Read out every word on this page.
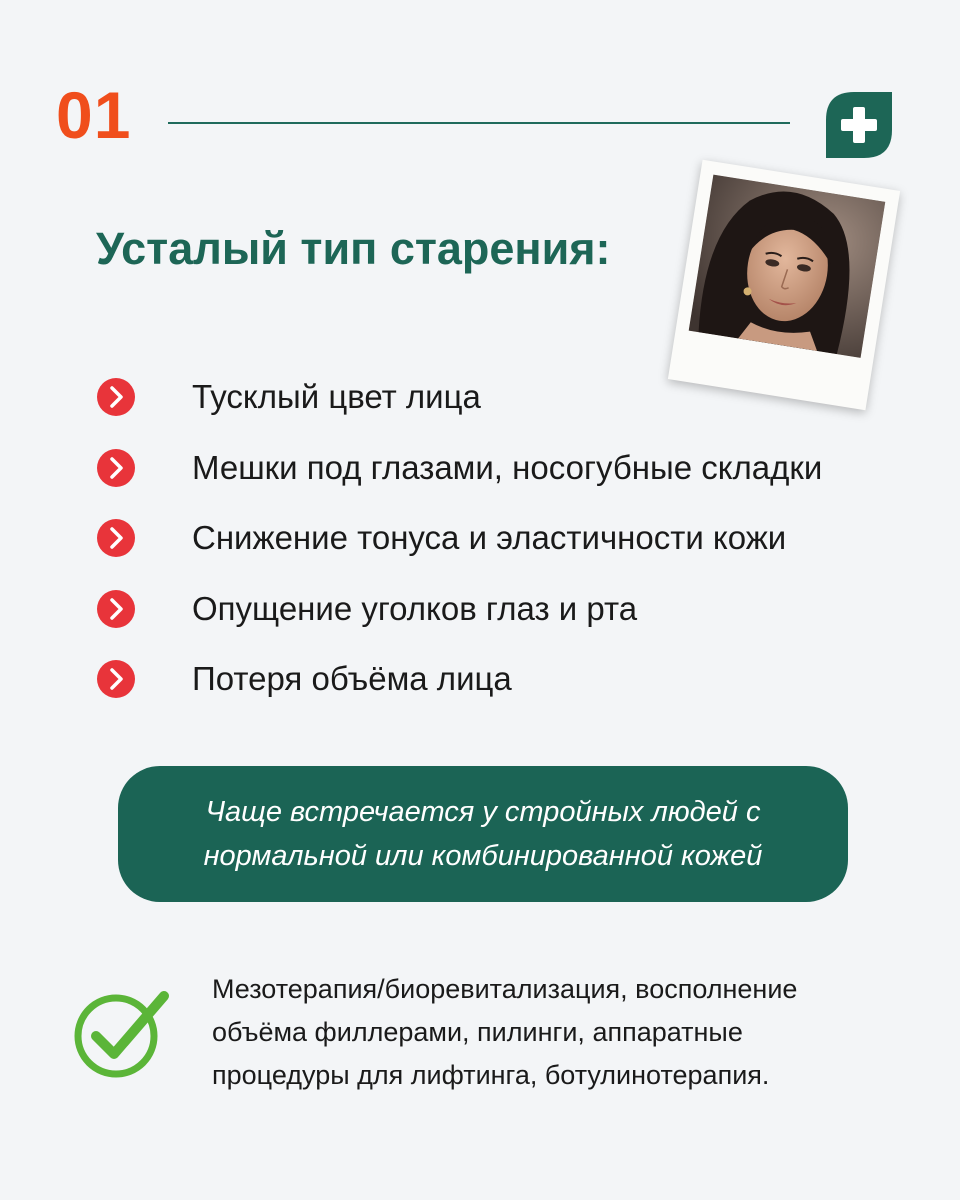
01
Усталый тип старения:
Тусклый цвет лица
Мешки под глазами, носогубные складки
Снижение тонуса и эластичности кожи
Опущение уголков глаз и рта
Потеря объёма лица
Чаще встречается у стройных людей с
нормальной или комбинированной кожей
Мезотерапия/биоревитализация, восполнение
объёма филлерами, пилинги, аппаратные
процедуры для лифтинга, ботулинотерапия.
